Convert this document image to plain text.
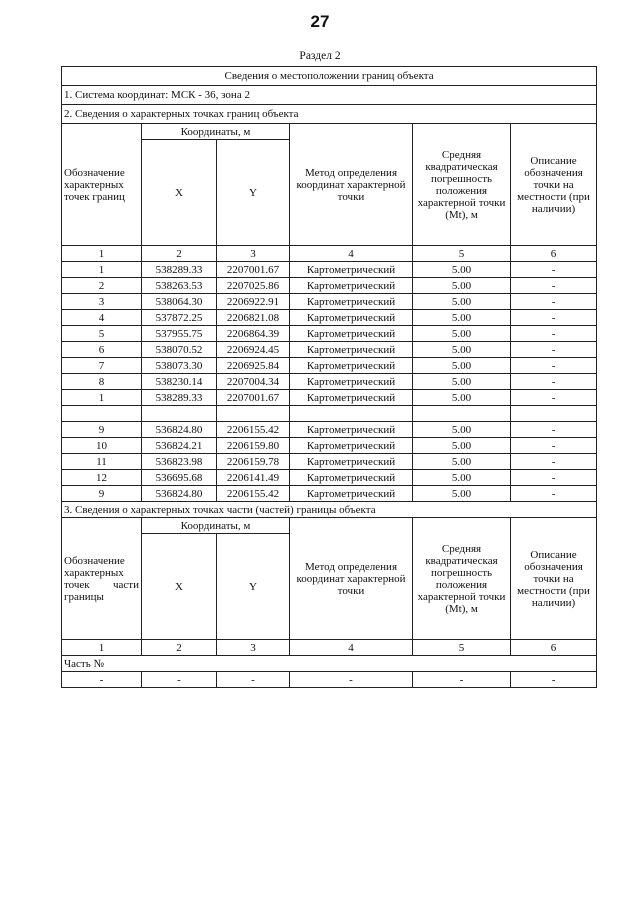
27
Раздел 2
Сведения о местоположении границ объекта					
1. Система координат: МСК - 36, зона 2					
2. Сведения о характерных точках границ объекта					
Обозначение характерных точек границ	Координаты, м		Метод определения координат характерной точки	Средняя квадратическая погрешность положения характерной точки (Mt), м	Описание обозначения точки на местности (при наличии)
	X	Y			
1	2	3	4	5	6
1	538289.33	2207001.67	Картометрический	5.00	-
2	538263.53	2207025.86	Картометрический	5.00	-
3	538064.30	2206922.91	Картометрический	5.00	-
4	537872.25	2206821.08	Картометрический	5.00	-
5	537955.75	2206864.39	Картометрический	5.00	-
6	538070.52	2206924.45	Картометрический	5.00	-
7	538073.30	2206925.84	Картометрический	5.00	-
8	538230.14	2207004.34	Картометрический	5.00	-
1	538289.33	2207001.67	Картометрический	5.00	-

9	536824.80	2206155.42	Картометрический	5.00	-
10	536824.21	2206159.80	Картометрический	5.00	-
11	536823.98	2206159.78	Картометрический	5.00	-
12	536695.68	2206141.49	Картометрический	5.00	-
9	536824.80	2206155.42	Картометрический	5.00	-
3. Сведения о характерных точках части (частей) границы объекта					
Обозначение характерных точек части границы	Координаты, м		Метод определения координат характерной точки	Средняя квадратическая погрешность положения характерной точки (Mt), м	Описание обозначения точки на местности (при наличии)
	X	Y			
1	2	3	4	5	6
Часть №					
-	-	-	-	-	-
